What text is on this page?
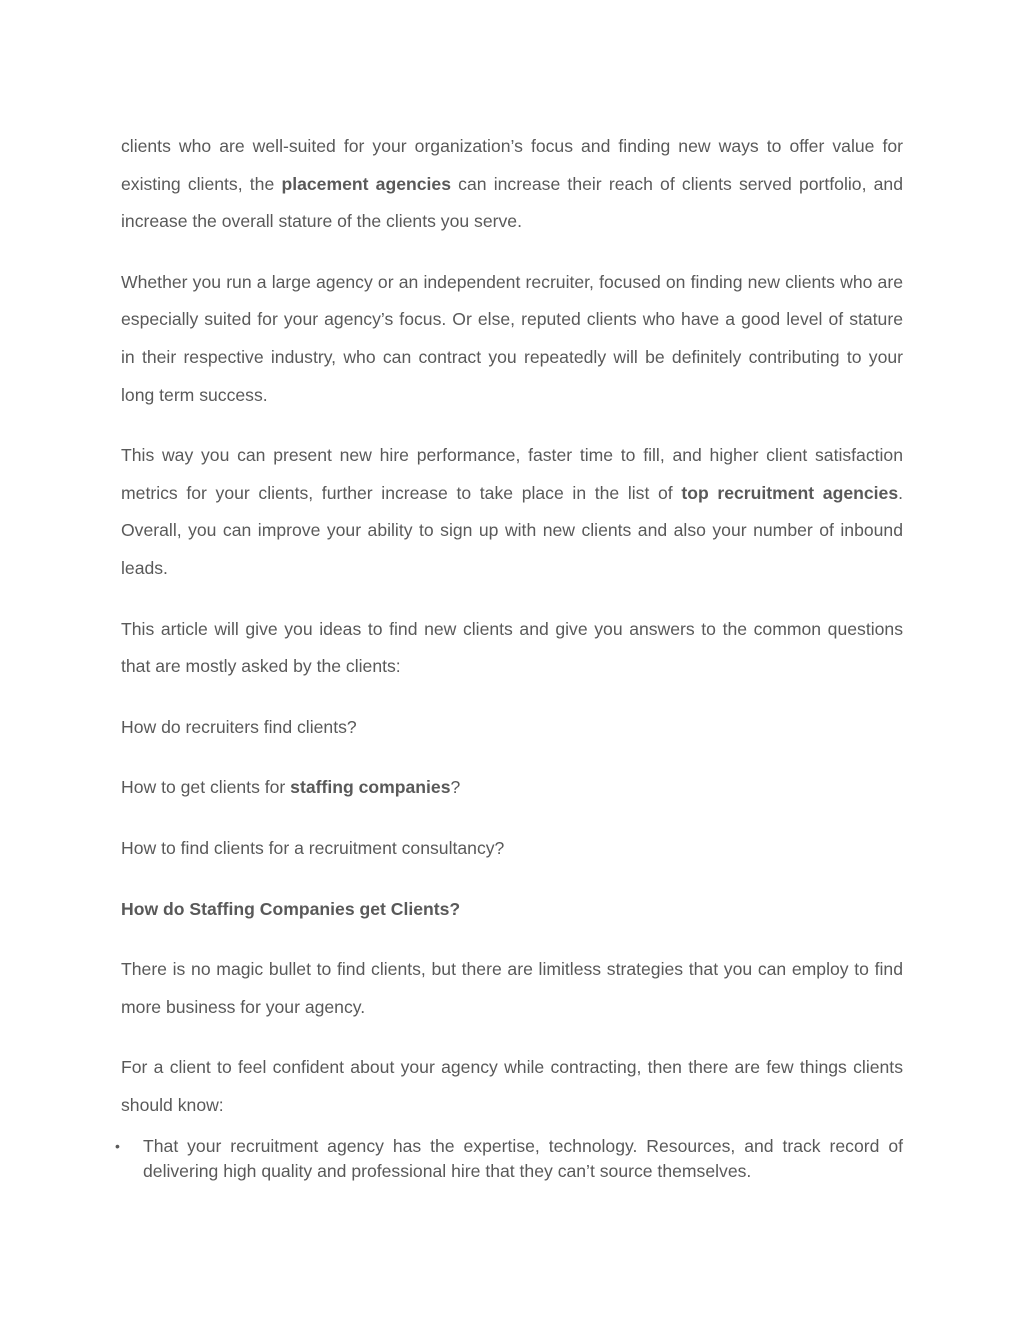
clients who are well-suited for your organization’s focus and finding new ways to offer value for existing clients, the placement agencies can increase their reach of clients served portfolio, and increase the overall stature of the clients you serve.

Whether you run a large agency or an independent recruiter, focused on finding new clients who are especially suited for your agency’s focus. Or else, reputed clients who have a good level of stature in their respective industry, who can contract you repeatedly will be definitely contributing to your long term success.

This way you can present new hire performance, faster time to fill, and higher client satisfaction metrics for your clients, further increase to take place in the list of top recruitment agencies. Overall, you can improve your ability to sign up with new clients and also your number of inbound leads.

This article will give you ideas to find new clients and give you answers to the common questions that are mostly asked by the clients:

How do recruiters find clients?

How to get clients for staffing companies?

How to find clients for a recruitment consultancy?

How do Staffing Companies get Clients?

There is no magic bullet to find clients, but there are limitless strategies that you can employ to find more business for your agency.

For a client to feel confident about your agency while contracting, then there are few things clients should know:

• That your recruitment agency has the expertise, technology. Resources, and track record of delivering high quality and professional hire that they can’t source themselves.
